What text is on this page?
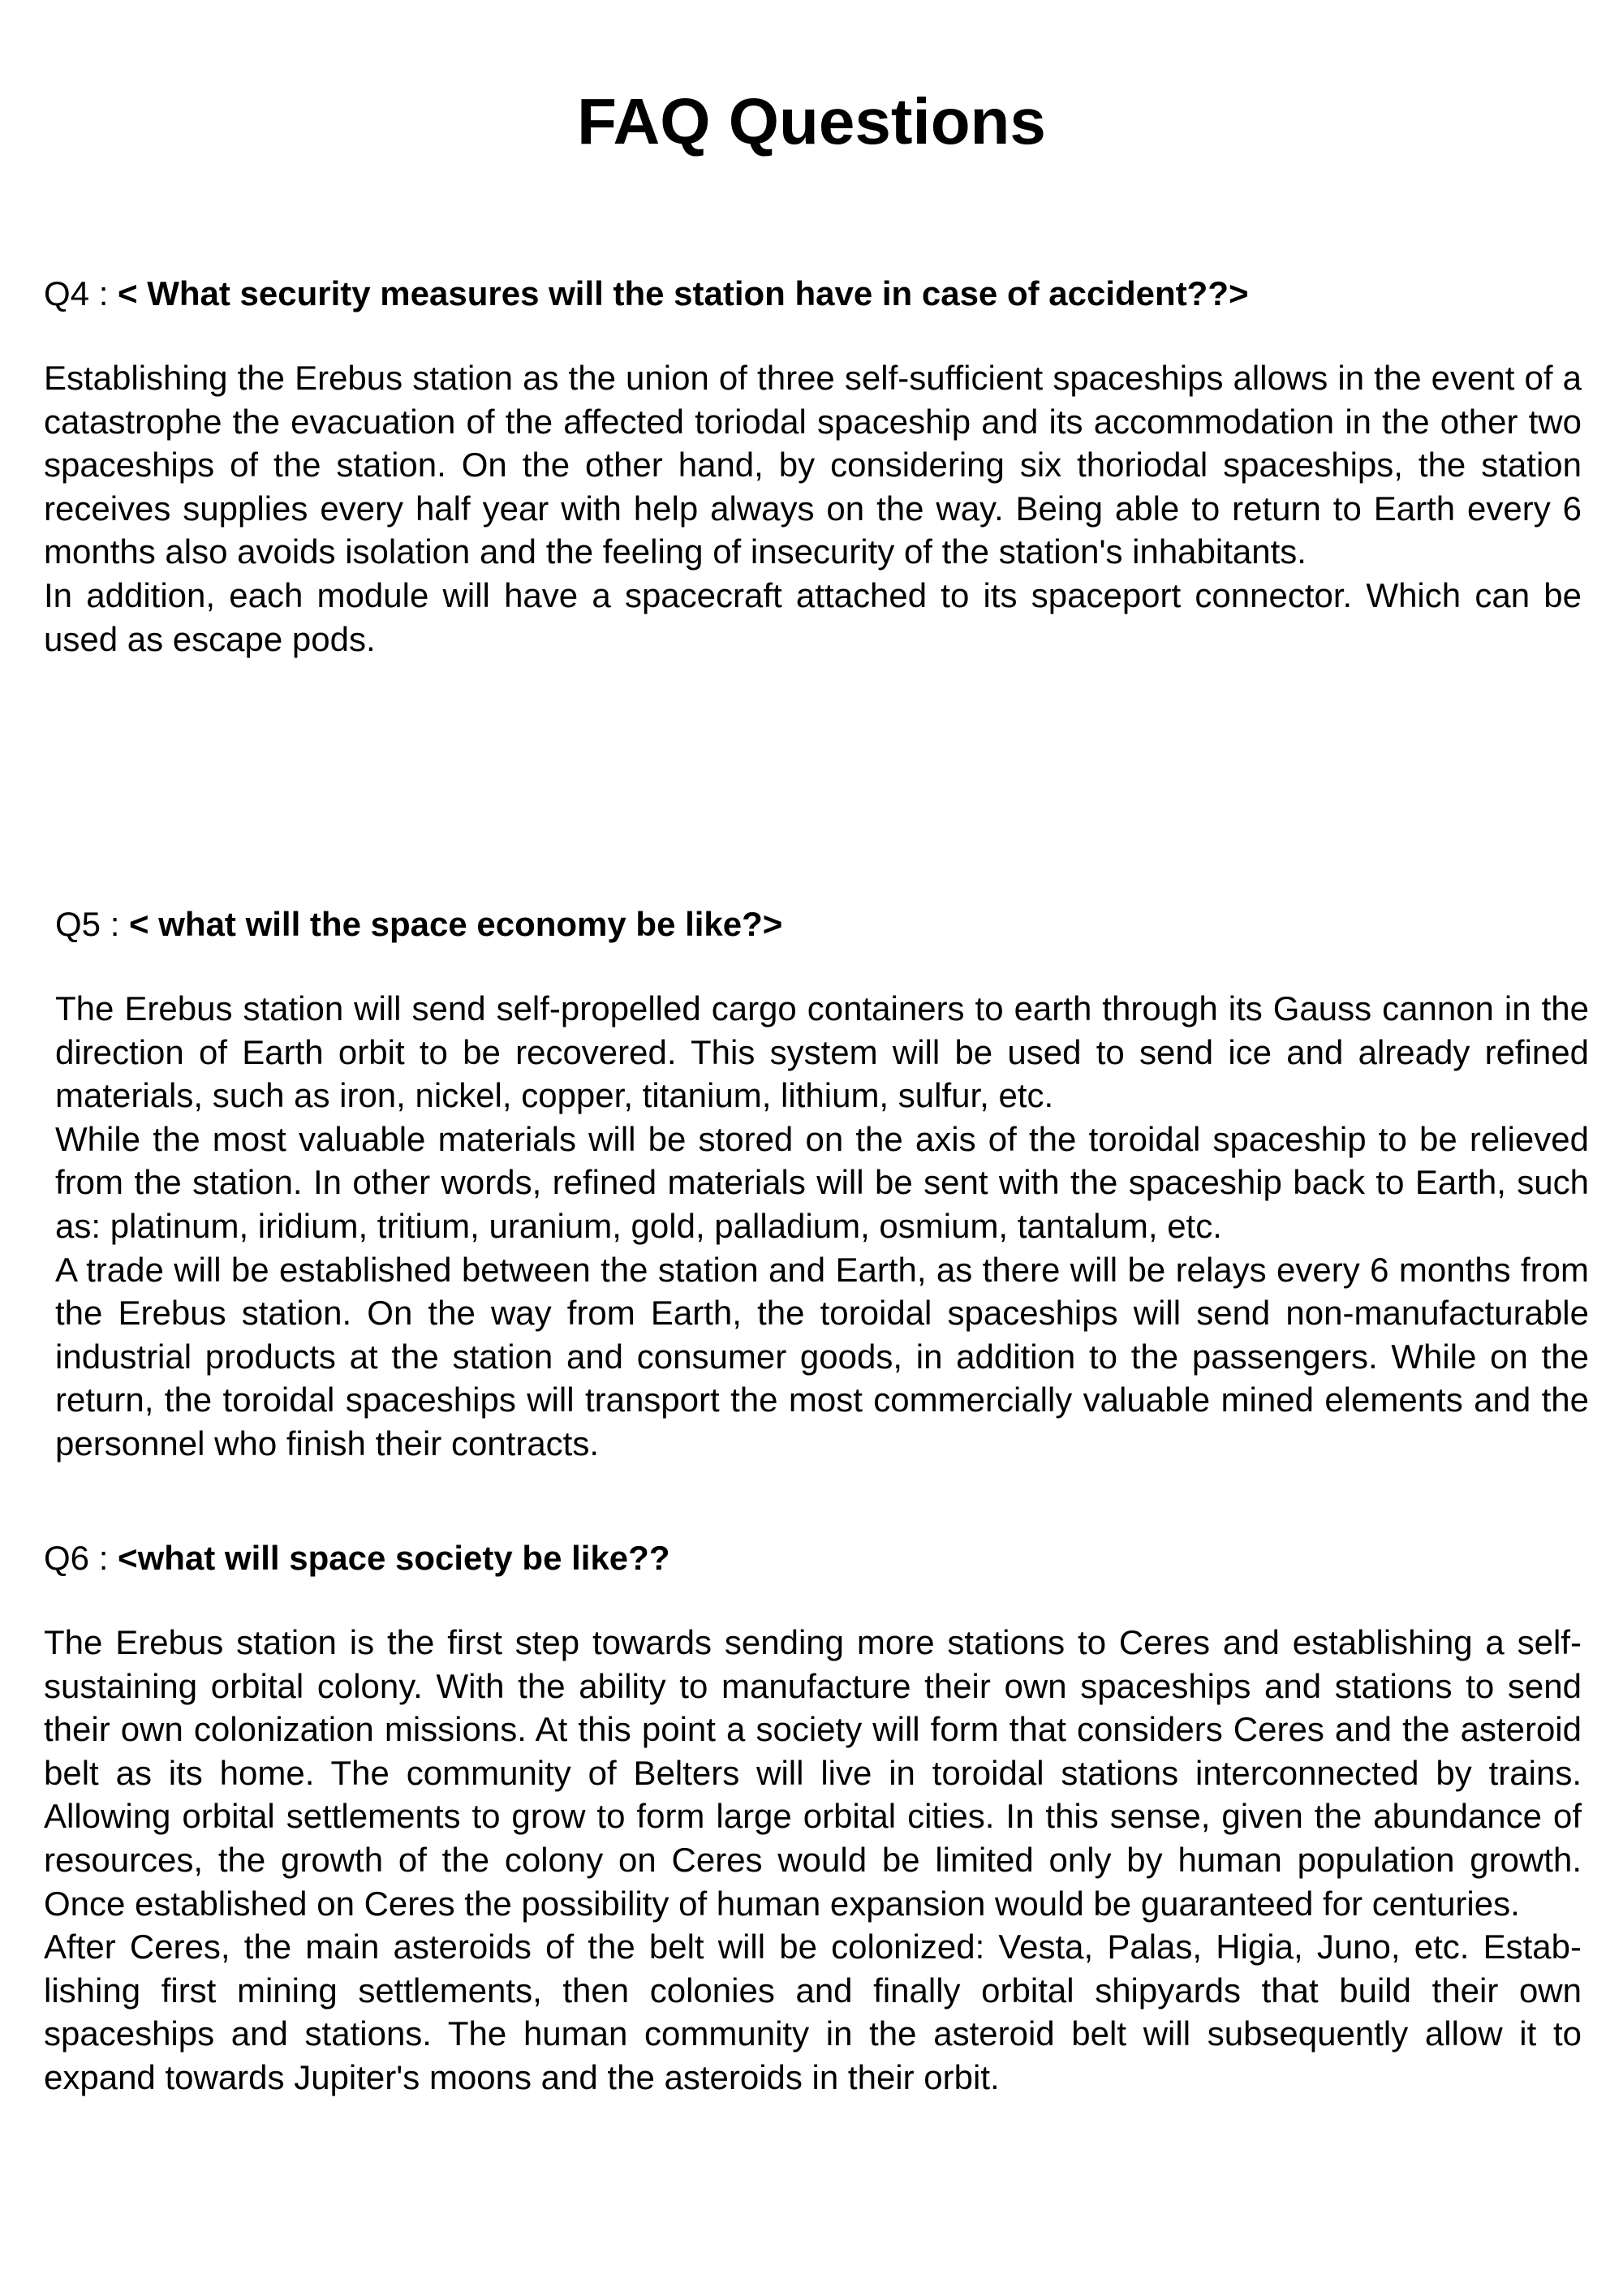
FAQ Questions
Q4 : < What security measures will the station have in case of accident??>

Establishing the Erebus station as the union of three self-sufficient spaceships allows in the event of a catastrophe the evacuation of the affected toriodal spaceship and its accommodation in the other two spaceships of the station. On the other hand, by considering six thoriodal spaceships, the station receives supplies every half year with help always on the way. Being able to return to Earth every 6 months also avoids isolation and the feeling of insecurity of the station's inhabitants.

In addition, each module will have a spacecraft attached to its spaceport connector. Which can be used as escape pods.

Q5 : < what will the space economy be like?>

The Erebus station will send self-propelled cargo containers to earth through its Gauss cannon in the direction of Earth orbit to be recovered. This system will be used to send ice and already refined materials, such as iron, nickel, copper, titanium, lithium, sulfur, etc.

While the most valuable materials will be stored on the axis of the toroidal spaceship to be relieved from the station. In other words, refined materials will be sent with the spaceship back to Earth, such as: platinum, iridium, tritium, uranium, gold, palladium, osmium, tantalum, etc.

A trade will be established between the station and Earth, as there will be relays every 6 months from the Erebus station. On the way from Earth, the toroidal spaceships will send non-manufacturable industrial products at the station and consumer goods, in addition to the passengers. While on the return, the toroidal spaceships will transport the most commercially valuable mined elements and the personnel who finish their contracts.

Q6 : <what will space society be like??

The Erebus station is the first step towards sending more stations to Ceres and establishing a self-sustaining orbital colony. With the ability to manufacture their own spaceships and stations to send their own colonization missions. At this point a society will form that considers Ceres and the asteroid belt as its home. The community of Belters will live in toroidal stations interconnected by trains. Allowing orbital settlements to grow to form large orbital cities. In this sense, given the abundance of resources, the growth of the colony on Ceres would be limited only by human population growth. Once established on Ceres the possibility of human expansion would be guaranteed for centuries.

After Ceres, the main asteroids of the belt will be colonized: Vesta, Palas, Higia, Juno, etc. Establishing first mining settlements, then colonies and finally orbital shipyards that build their own spaceships and stations. The human community in the asteroid belt will subsequently allow it to expand towards Jupiter's moons and the asteroids in their orbit.
